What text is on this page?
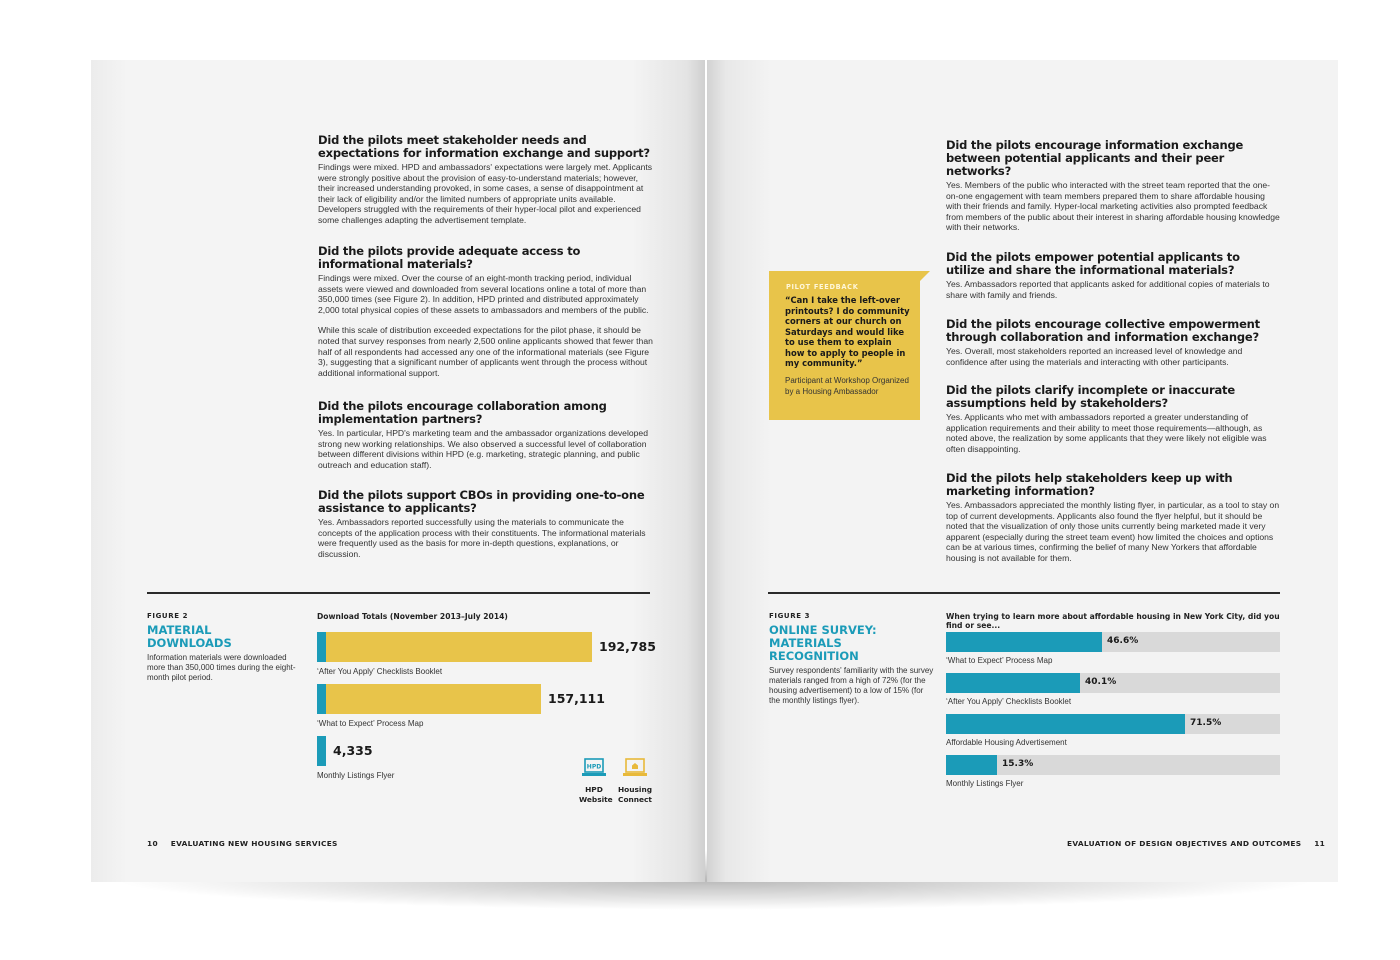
Did the pilots meet stakeholder needs and expectations for information exchange and support?

Findings were mixed. HPD and ambassadors' expectations were largely met. Applicants were strongly positive about the provision of easy-to-understand materials; however, their increased understanding provoked, in some cases, a sense of disappointment at their lack of eligibility and/or the limited numbers of appropriate units available. Developers struggled with the requirements of their hyper-local pilot and experienced some challenges adapting the advertisement template.

Did the pilots provide adequate access to informational materials?

Findings were mixed. Over the course of an eight-month tracking period, individual assets were viewed and downloaded from several locations online a total of more than 350,000 times (see Figure 2). In addition, HPD printed and distributed approximately 2,000 total physical copies of these assets to ambassadors and members of the public.

While this scale of distribution exceeded expectations for the pilot phase, it should be noted that survey responses from nearly 2,500 online applicants showed that fewer than half of all respondents had accessed any one of the informational materials (see Figure 3), suggesting that a significant number of applicants went through the process without additional informational support.

Did the pilots encourage collaboration among implementation partners?

Yes. In particular, HPD's marketing team and the ambassador organizations developed strong new working relationships. We also observed a successful level of collaboration between different divisions within HPD (e.g. marketing, strategic planning, and public outreach and education staff).

Did the pilots support CBOs in providing one-to-one assistance to applicants?

Yes. Ambassadors reported successfully using the materials to communicate the concepts of the application process with their constituents. The informational materials were frequently used as the basis for more in-depth questions, explanations, or discussion.

FIGURE 2
MATERIAL DOWNLOADS
Information materials were downloaded more than 350,000 times during the eight-month pilot period.
Download Totals (November 2013–July 2014)
192,785
‘After You Apply’ Checklists Booklet
157,111
‘What to Expect’ Process Map
4,335
Monthly Listings Flyer
HPD
HPD Website
Housing Connect
10 EVALUATING NEW HOUSING SERVICES
Did the pilots encourage information exchange between potential applicants and their peer networks?

Yes. Members of the public who interacted with the street team reported that the one-on-one engagement with team members prepared them to share affordable housing with their friends and family. Hyper-local marketing activities also prompted feedback from members of the public about their interest in sharing affordable housing knowledge with their networks.

Did the pilots empower potential applicants to utilize and share the informational materials?

Yes. Ambassadors reported that applicants asked for additional copies of materials to share with family and friends.

Did the pilots encourage collective empowerment through collaboration and information exchange?

Yes. Overall, most stakeholders reported an increased level of knowledge and confidence after using the materials and interacting with other participants.

Did the pilots clarify incomplete or inaccurate assumptions held by stakeholders?

Yes. Applicants who met with ambassadors reported a greater understanding of application requirements and their ability to meet those requirements—although, as noted above, the realization by some applicants that they were likely not eligible was often disappointing.

Did the pilots help stakeholders keep up with marketing information?

Yes. Ambassadors appreciated the monthly listing flyer, in particular, as a tool to stay on top of current developments. Applicants also found the flyer helpful, but it should be noted that the visualization of only those units currently being marketed made it very apparent (especially during the street team event) how limited the choices and options can be at various times, confirming the belief of many New Yorkers that affordable housing is not available for them.

PILOT FEEDBACK
“Can I take the left-over printouts? I do community corners at our church on Saturdays and would like to use them to explain how to apply to people in my community.”
Participant at Workshop Organized by a Housing Ambassador
FIGURE 3
ONLINE SURVEY: MATERIALS RECOGNITION
Survey respondents' familiarity with the survey materials ranged from a high of 72% (for the housing advertisement) to a low of 15% (for the monthly listings flyer).
When trying to learn more about affordable housing in New York City, did you find or see...
46.6%
‘What to Expect’ Process Map
40.1%
‘After You Apply’ Checklists Booklet
71.5%
Affordable Housing Advertisement
15.3%
Monthly Listings Flyer
EVALUATION OF DESIGN OBJECTIVES AND OUTCOMES 11
